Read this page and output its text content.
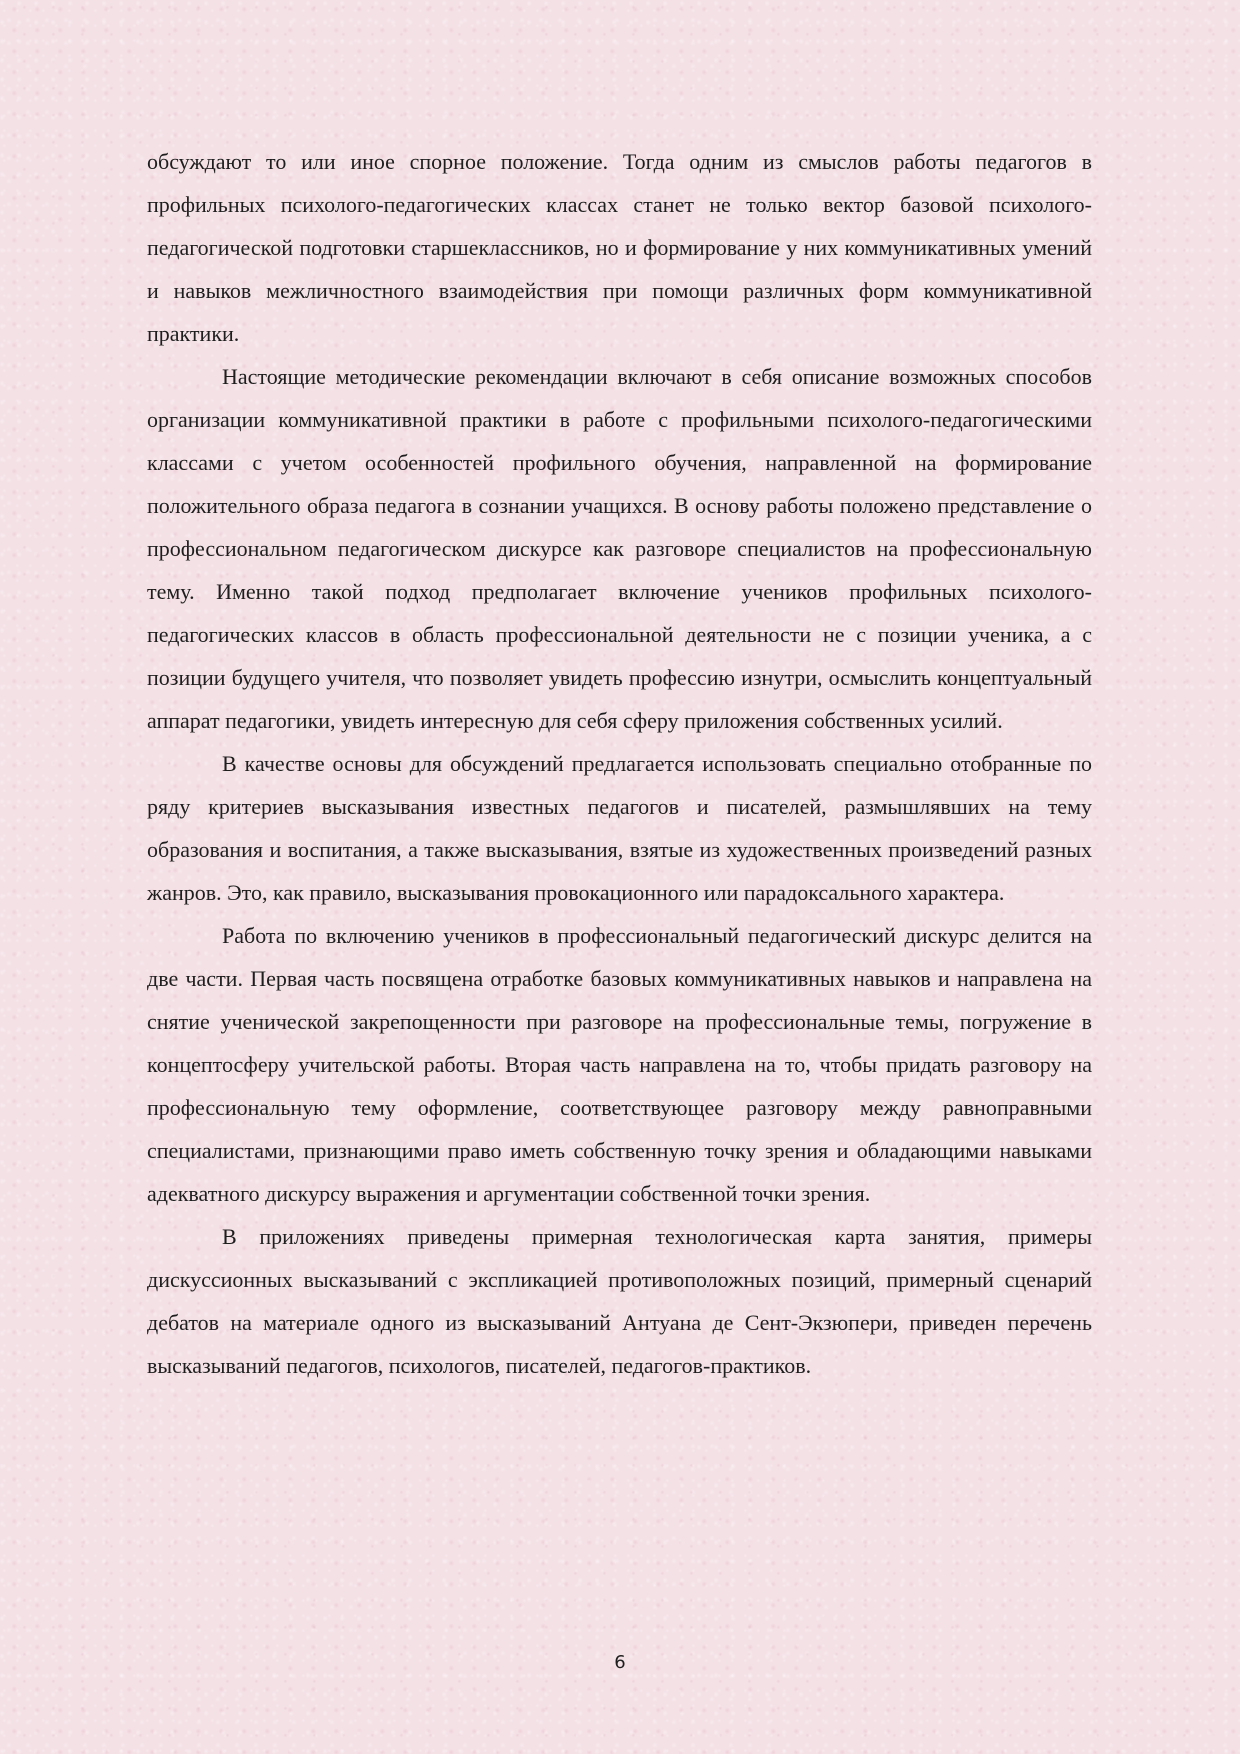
обсуждают то или иное спорное положение. Тогда одним из смыслов работы педагогов в профильных психолого-педагогических классах станет не только вектор базовой психолого-педагогической подготовки старшеклассников, но и формирование у них коммуникативных умений и навыков межличностного взаимодействия при помощи различных форм коммуникативной практики.

Настоящие методические рекомендации включают в себя описание возможных способов организации коммуникативной практики в работе с профильными психолого-педагогическими классами с учетом особенностей профильного обучения, направленной на формирование положительного образа педагога в сознании учащихся. В основу работы положено представление о профессиональном педагогическом дискурсе как разговоре специалистов на профессиональную тему. Именно такой подход предполагает включение учеников профильных психолого-педагогических классов в область профессиональной деятельности не с позиции ученика, а с позиции будущего учителя, что позволяет увидеть профессию изнутри, осмыслить концептуальный аппарат педагогики, увидеть интересную для себя сферу приложения собственных усилий.

В качестве основы для обсуждений предлагается использовать специально отобранные по ряду критериев высказывания известных педагогов и писателей, размышлявших на тему образования и воспитания, а также высказывания, взятые из художественных произведений разных жанров. Это, как правило, высказывания провокационного или парадоксального характера.

Работа по включению учеников в профессиональный педагогический дискурс делится на две части. Первая часть посвящена отработке базовых коммуникативных навыков и направлена на снятие ученической закрепощенности при разговоре на профессиональные темы, погружение в концептосферу учительской работы. Вторая часть направлена на то, чтобы придать разговору на профессиональную тему оформление, соответствующее разговору между равноправными специалистами, признающими право иметь собственную точку зрения и обладающими навыками адекватного дискурсу выражения и аргументации собственной точки зрения.

В приложениях приведены примерная технологическая карта занятия, примеры дискуссионных высказываний с экспликацией противоположных позиций, примерный сценарий дебатов на материале одного из высказываний Антуана де Сент-Экзюпери, приведен перечень высказываний педагогов, психологов, писателей, педагогов-практиков.

6
